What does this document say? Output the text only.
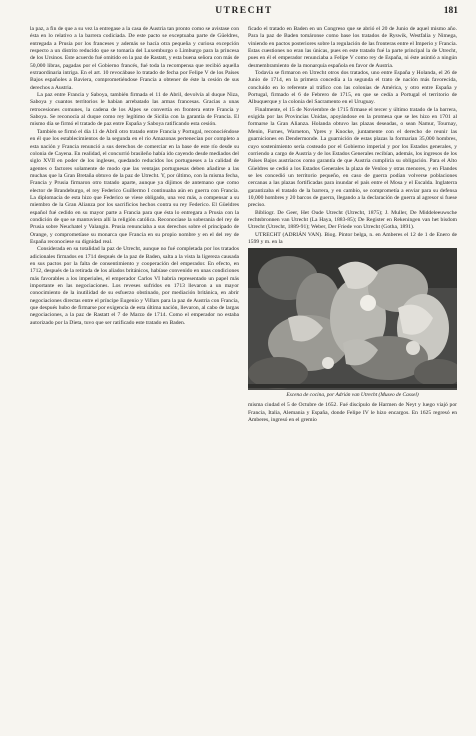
UTRECHT	181

la paz, a fin de que a su vez la entregase a la casa de Austria tan pronto como se avistase con ésta en lo relativo a la barrera codiciada. De este pacto se exceptuaba parte de Güeldres, entregada a Prusia por los franceses y además se hacía otra pequeña y curiosa excepción respecto a un distrito reducido que se tomaría del Luxemburgo o Limburgo para la princesa de los Ursinos. Este acuerdo fué omitido en la paz de Rastatt, y esta buena señora con más de 50,000 libras, pagadas por el Gobierno francés, fué toda la recompensa que recibió aquella extraordinaria intriga. En el art. 10 revocábase lo tratado de fecha por Felipe V de los Países Bajos españoles a Baviera, comprometiéndose Francia a obtener de éste la cesión de sus derechos a Austria.

La paz entre Francia y Saboya, también firmada el 11 de Abril, devolvía al duque Niza, Saboya y cuantos territorios le habían arrebatado las armas francesas. Gracias a unas retrocesiones comunes, la cadena de los Alpes se convertía en frontera entre Francia y Saboya. Se reconocía al duque como rey legítimo de Sicilia con la garantía de Francia. El mismo día se firmó el tratado de paz entre España y Saboya ratificando esta cesión.

También se firmó el día 11 de Abril otro tratado entre Francia y Portugal, reconociéndose en él que los establecimientos de la segunda en el río Amazonas pertenecían por completo a esta nación y Francia renunció a sus derechos de comerciar en la base de este río desde su colonia de Cayena. En realidad, el concurrió brasileño había ido cayendo desde mediados del siglo XVII en poder de los ingleses, quedando reducidos los portugueses a la calidad de agentes o factores solamente de modo que las ventajas portuguesas deben añadirse a las muchas que la Gran Bretaña obtuvo de la paz de Utrecht. Y, por último, con la misma fecha, Francia y Prusia firmaron otro tratado aparte, aunque ya dijimos de antemano que como elector de Brandeburgo, el rey Federico Guillermo I continuaba aún en guerra con Francia. La diplomacia de esta hizo que Federico se viese obligado, una vez más, a compensar a su miembro de la Gran Alianza por los sacrificios hechos contra su rey Federico. El Güeldres español fué cedido en su mayor parte a Francia para que ésta lo entregara a Prusia con la condición de que se mantuviera allí la religión católica. Reconocíase la soberanía del rey de Prusia sobre Neuchatel y Valangin. Prusia renunciaba a sus derechos sobre el principado de Orange, y comprometíase su monarca que Francia en su propio nombre y en el del rey de España reconociese su dignidad real.

Considerada en su totalidad la paz de Utrecht, aunque no fué completada por los tratados adicionales firmados en 1714 después de la paz de Baden, salta a la vista la ligereza causada en sus pactos por la falta de consentimiento y cooperación del emperador. En efecto, en 1712, después de la retirada de los aliados británicos, habíase convenido en unas condiciones más favorables a los imperiales, el emperador Carlos VI habría representado un papel más importante en las negociaciones. Los reveses sufridos en 1713 llevaron a un mayor conocimiento de la inutilidad de su esfuerzo obstinado, por mediación británica, en abrir negociaciones directas entre el príncipe Eugenio y Villars para la paz de Austria con Francia, que después hubo de firmarse por exigencia de esta última nación, llevaron, al cabo de largas negociaciones, a la paz de Rastatt el 7 de Marzo de 1714. Como el emperador no estaba autorizado por la Dieta, tuvo que ser ratificado este tratado en Baden.

ficado el tratado en Baden en un Congreso que se abrió el 20 de Junio de aquel mismo año. Para la paz de Baden tomáronse como base los tratados de Ryswik, Westfalia y Nimega, viniendo en pactos posteriores sobre la regulación de las fronteras entre el Imperio y Francia. Estas cuestiones no eran las únicas, pues en este tratado fué la parte principal la de Utrecht, pues en él el emperador renunciaba a Felipe V como rey de España, ni éste asintió a ningún desmembramiento de la monarquía española en favor de Austria.

Todavía se firmaron en Utrecht otros dos tratados, uno entre España y Holanda, el 26 de Junio de 1714, en la primera concedía a la segunda el trato de nación más favorecida, concluído en lo referente al tráfico con las colonias de América, y otro entre España y Portugal, firmado el 6 de Febrero de 1715, en que se cedía a Portugal el territorio de Albuquerque y la colonia del Sacramento en el Uruguay.

Finalmente, el 15 de Noviembre de 1715 fírmase el tercer y último tratado de la barrera, exigida por las Provincias Unidas, apoyándose en la promesa que se les hizo en 1701 al formarse la Gran Alianza. Holanda obtuvo las plazas deseadas, o sean Namur, Tournay, Menin, Furnes, Warneton, Ypres y Knocke, juntamente con el derecho de reunir las guarniciones en Dendermonde. La guarnición de estas plazas la formarían 35,000 hombres, cuyo sostenimiento sería costeado por el Gobierno imperial y por los Estados generales, y corriendo a cargo de Austria y de los Estados Generales recibían, además, los ingresos de los Países Bajos austríacos como garantía de que Austria cumpliría su obligación. Para el Alto Güeldres se cedió a los Estados Generales la plaza de Venloo y otras menores, y en Flandes se les concedió un territorio pequeño, en caso de guerra podían volverse poblaciones cercanas a las plazas fortificadas para inundar el país entre el Mosa y el Escalda. Inglaterra garantizaba el tratado de la barrera, y en cambio, se comprometía a enviar para su defensa 10,000 hombres y 20 barcos de guerra, llegando a la declaración de guerra al agresor si fuese preciso.

Bibliogr. De Geer, Het Oude Utrecht (Utrecht, 1875); J. Muller, De Middeleeuwsche rechtsbronnen van Utrecht (La Haya, 1883-85); De Register en Rekeningen van het bisdom Utrecht (Utrecht, 1889-91); Weber, Der Friede von Utrecht (Gotha, 1891).

UTRECHT (ADRIÁN VAN). Biog. Pintor belga, n. en Amberes el 12 de 1 de Enero de 1599 y m. en la

Escena de cocina, por Adrián van Utrecht (Museo de Cassel)

misma ciudad el 5 de Octubre de 1652. Fué discípulo de Harmen de Neyt y luego viajó por Francia, Italia, Alemania y España, donde Felipe IV le hizo encargos. En 1625 regresó en Amberes, ingresó en el gremio
